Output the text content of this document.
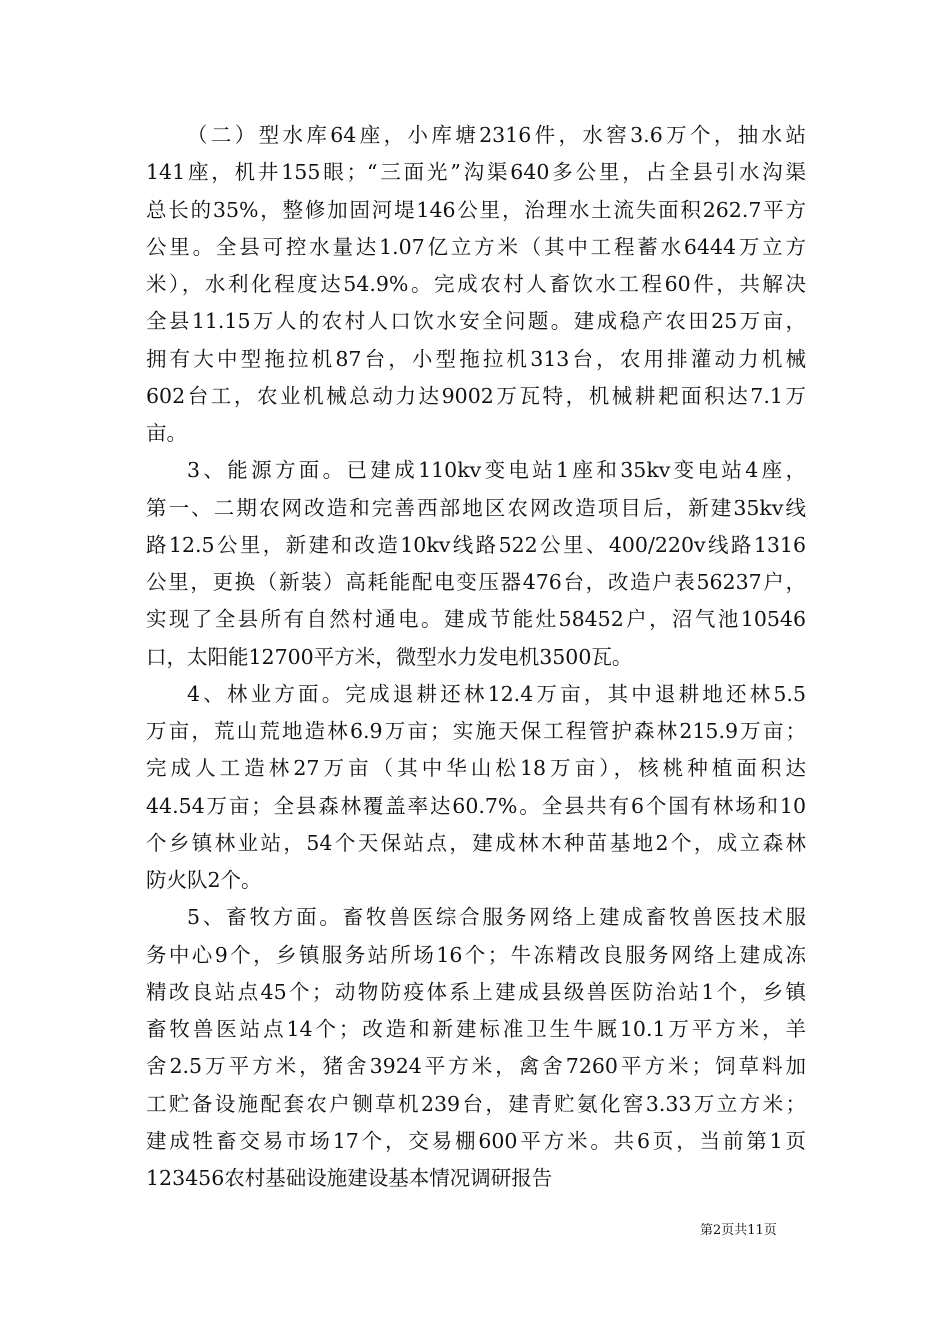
（二）型水库64座，小库塘2316件，水窖3.6万个，抽水站
141座，机井155眼；“三面光”沟渠640多公里，占全县引水沟渠
总长的35%，整修加固河堤146公里，治理水土流失面积262.7平方
公里。全县可控水量达1.07亿立方米（其中工程蓄水6444万立方
米），水利化程度达54.9%。完成农村人畜饮水工程60件，共解决
全县11.15万人的农村人口饮水安全问题。建成稳产农田25万亩，
拥有大中型拖拉机87台，小型拖拉机313台，农用排灌动力机械
602台工，农业机械总动力达9002万瓦特，机械耕耙面积达7.1万
亩。
3、能源方面。已建成110kv变电站1座和35kv变电站4座，
第一、二期农网改造和完善西部地区农网改造项目后，新建35kv线
路12.5公里，新建和改造10kv线路522公里、400/220v线路1316
公里，更换（新装）高耗能配电变压器476台，改造户表56237户，
实现了全县所有自然村通电。建成节能灶58452户，沼气池10546
口，太阳能12700平方米，微型水力发电机3500瓦。
4、林业方面。完成退耕还林12.4万亩，其中退耕地还林5.5
万亩，荒山荒地造林6.9万亩；实施天保工程管护森林215.9万亩；
完成人工造林27万亩（其中华山松18万亩），核桃种植面积达
44.54万亩；全县森林覆盖率达60.7%。全县共有6个国有林场和10
个乡镇林业站，54个天保站点，建成林木种苗基地2个，成立森林
防火队2个。
5、畜牧方面。畜牧兽医综合服务网络上建成畜牧兽医技术服
务中心9个，乡镇服务站所场16个；牛冻精改良服务网络上建成冻
精改良站点45个；动物防疫体系上建成县级兽医防治站1个，乡镇
畜牧兽医站点14个；改造和新建标准卫生牛厩10.1万平方米，羊
舍2.5万平方米，猪舍3924平方米，禽舍7260平方米；饲草料加
工贮备设施配套农户铡草机239台，建青贮氨化窖3.33万立方米；
建成牲畜交易市场17个，交易棚600平方米。共6页，当前第1页
123456农村基础设施建设基本情况调研报告
第2页共11页
